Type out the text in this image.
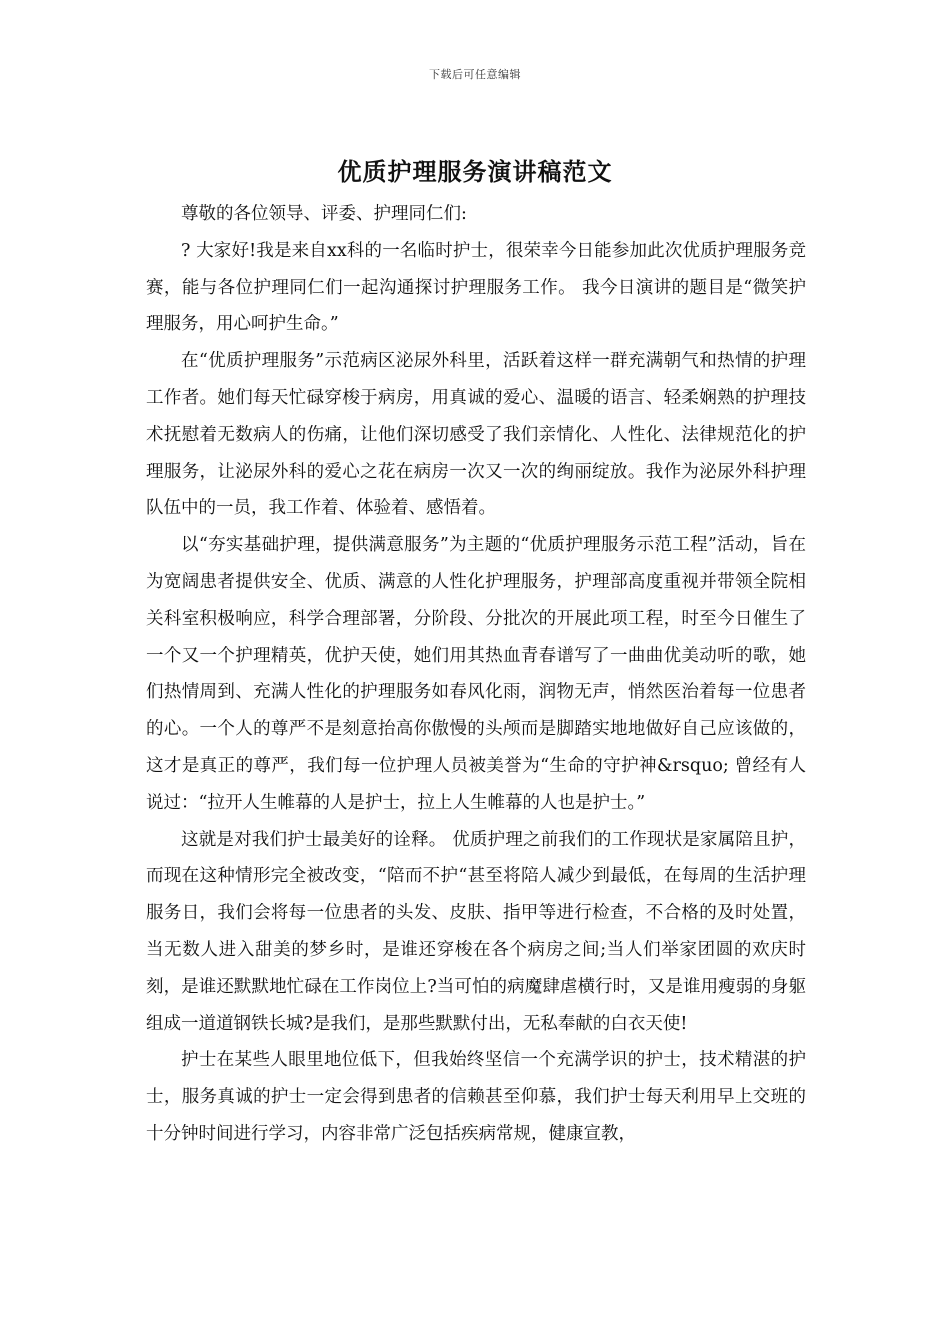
下载后可任意编辑
优质护理服务演讲稿范文

尊敬的各位领导、评委、护理同仁们:

? 大家好!我是来自xx科的一名临时护士，很荣幸今日能参加此次优质护理服务竞赛，能与各位护理同仁们一起沟通探讨护理服务工作。 我今日演讲的题目是“微笑护理服务，用心呵护生命。”

在“优质护理服务”示范病区泌尿外科里，活跃着这样一群充满朝气和热情的护理工作者。她们每天忙碌穿梭于病房，用真诚的爱心、温暖的语言、轻柔娴熟的护理技术抚慰着无数病人的伤痛，让他们深切感受了我们亲情化、人性化、法律规范化的护理服务，让泌尿外科的爱心之花在病房一次又一次的绚丽绽放。我作为泌尿外科护理队伍中的一员，我工作着、体验着、感悟着。

以“夯实基础护理，提供满意服务”为主题的“优质护理服务示范工程”活动，旨在为宽阔患者提供安全、优质、满意的人性化护理服务，护理部高度重视并带领全院相关科室积极响应，科学合理部署，分阶段、分批次的开展此项工程，时至今日催生了一个又一个护理精英，优护天使，她们用其热血青春谱写了一曲曲优美动听的歌，她们热情周到、充满人性化的护理服务如春风化雨，润物无声，悄然医治着每一位患者的心。一个人的尊严不是刻意抬高你傲慢的头颅而是脚踏实地地做好自己应该做的，这才是真正的尊严，我们每一位护理人员被美誉为“生命的守护神&rsquo; 曾经有人说过：“拉开人生帷幕的人是护士，拉上人生帷幕的人也是护士。”

这就是对我们护士最美好的诠释。 优质护理之前我们的工作现状是家属陪且护，而现在这种情形完全被改变，“陪而不护“甚至将陪人减少到最低，在每周的生活护理服务日，我们会将每一位患者的头发、皮肤、指甲等进行检查，不合格的及时处置，当无数人进入甜美的梦乡时，是谁还穿梭在各个病房之间;当人们举家团圆的欢庆时刻，是谁还默默地忙碌在工作岗位上?当可怕的病魔肆虐横行时，又是谁用瘦弱的身躯组成一道道钢铁长城?是我们，是那些默默付出，无私奉献的白衣天使!

护士在某些人眼里地位低下，但我始终坚信一个充满学识的护士，技术精湛的护士，服务真诚的护士一定会得到患者的信赖甚至仰慕，我们护士每天利用早上交班的十分钟时间进行学习，内容非常广泛包括疾病常规，健康宣教，
